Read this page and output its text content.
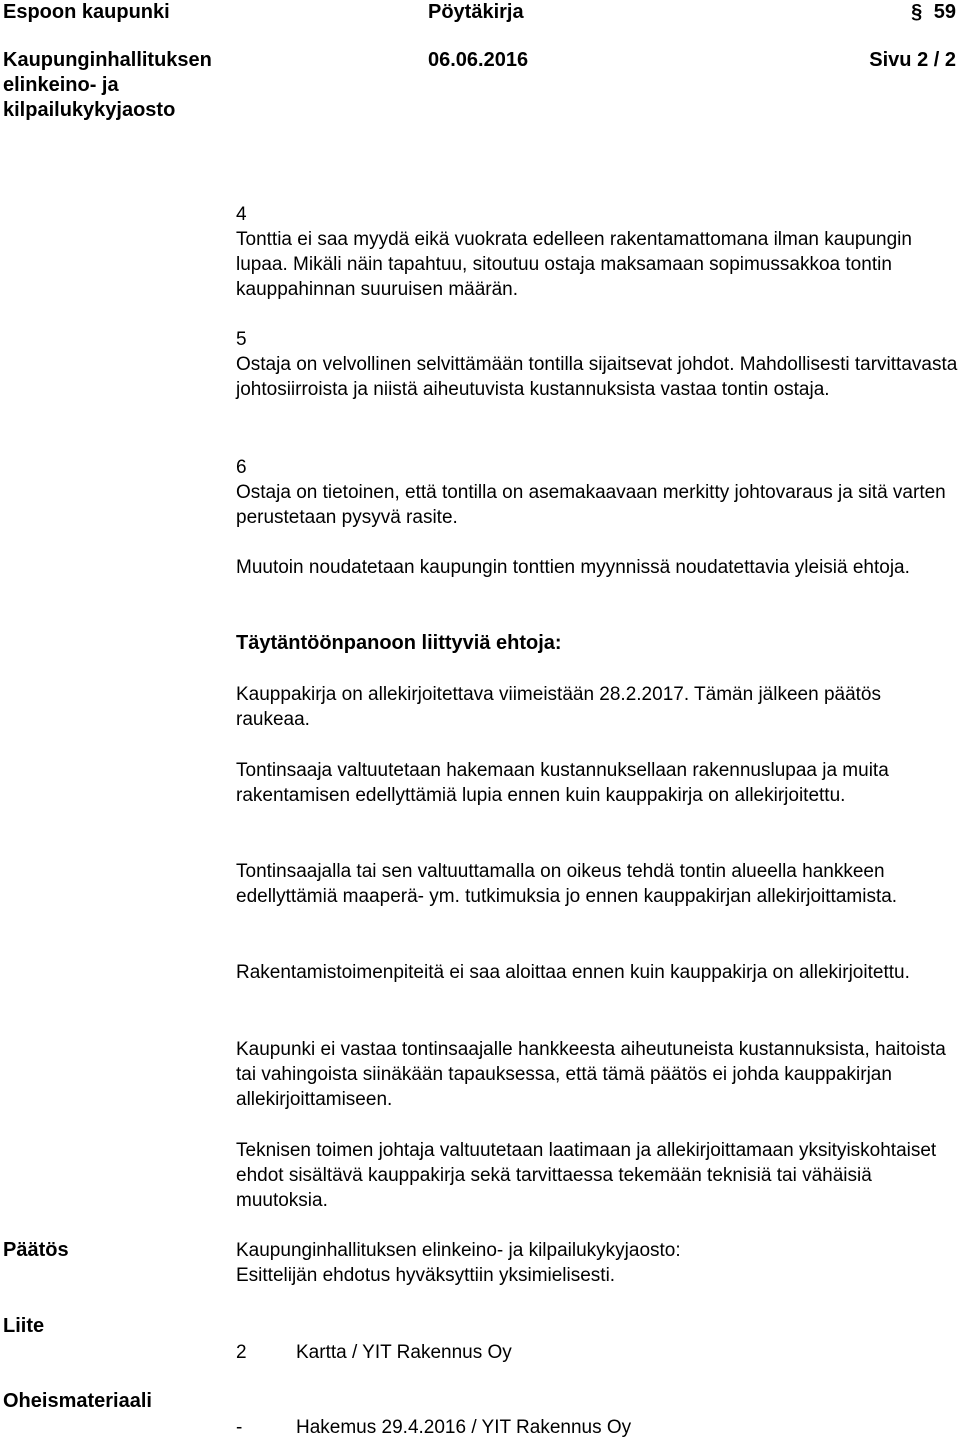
Espoon kaupunki	Pöytäkirja	§ 59
Kaupunginhallituksen
elinkeino- ja
kilpailukykyjaosto
06.06.2016	Sivu 2 / 2

4

Tonttia ei saa myydä eikä vuokrata edelleen rakentamattomana ilman kaupungin lupaa. Mikäli näin tapahtuu, sitoutuu ostaja maksamaan sopimussakkoa tontin kauppahinnan suuruisen määrän.

5

Ostaja on velvollinen selvittämään tontilla sijaitsevat johdot. Mahdollisesti tarvittavasta johtosiirroista ja niistä aiheutuvista kustannuksista vastaa tontin ostaja.

6

Ostaja on tietoinen, että tontilla on asemakaavaan merkitty johtovaraus ja sitä varten perustetaan pysyvä rasite.

Muutoin noudatetaan kaupungin tonttien myynnissä noudatettavia yleisiä ehtoja.

Täytäntöönpanoon liittyviä ehtoja:

Kauppakirja on allekirjoitettava viimeistään 28.2.2017. Tämän jälkeen päätös raukeaa.

Tontinsaaja valtuutetaan hakemaan kustannuksellaan rakennuslupaa ja muita rakentamisen edellyttämiä lupia ennen kuin kauppakirja on allekirjoitettu.

Tontinsaajalla tai sen valtuuttamalla on oikeus tehdä tontin alueella hankkeen edellyttämiä maaperä- ym. tutkimuksia jo ennen kauppakirjan allekirjoittamista.

Rakentamistoimenpiteitä ei saa aloittaa ennen kuin kauppakirja on allekirjoitettu.

Kaupunki ei vastaa tontinsaajalle hankkeesta aiheutuneista kustannuksista, haitoista tai vahingoista siinäkään tapauksessa, että tämä päätös ei johda kauppakirjan allekirjoittamiseen.

Teknisen toimen johtaja valtuutetaan laatimaan ja allekirjoittamaan yksityiskohtaiset ehdot sisältävä kauppakirja sekä tarvittaessa tekemään teknisiä tai vähäisiä muutoksia.

Päätös	Kaupunginhallituksen elinkeino- ja kilpailukykyjaosto:
Esittelijän ehdotus hyväksyttiin yksimielisesti.
Liite
2	Kartta / YIT Rakennus Oy
Oheismateriaali
-	Hakemus 29.4.2016 / YIT Rakennus Oy
